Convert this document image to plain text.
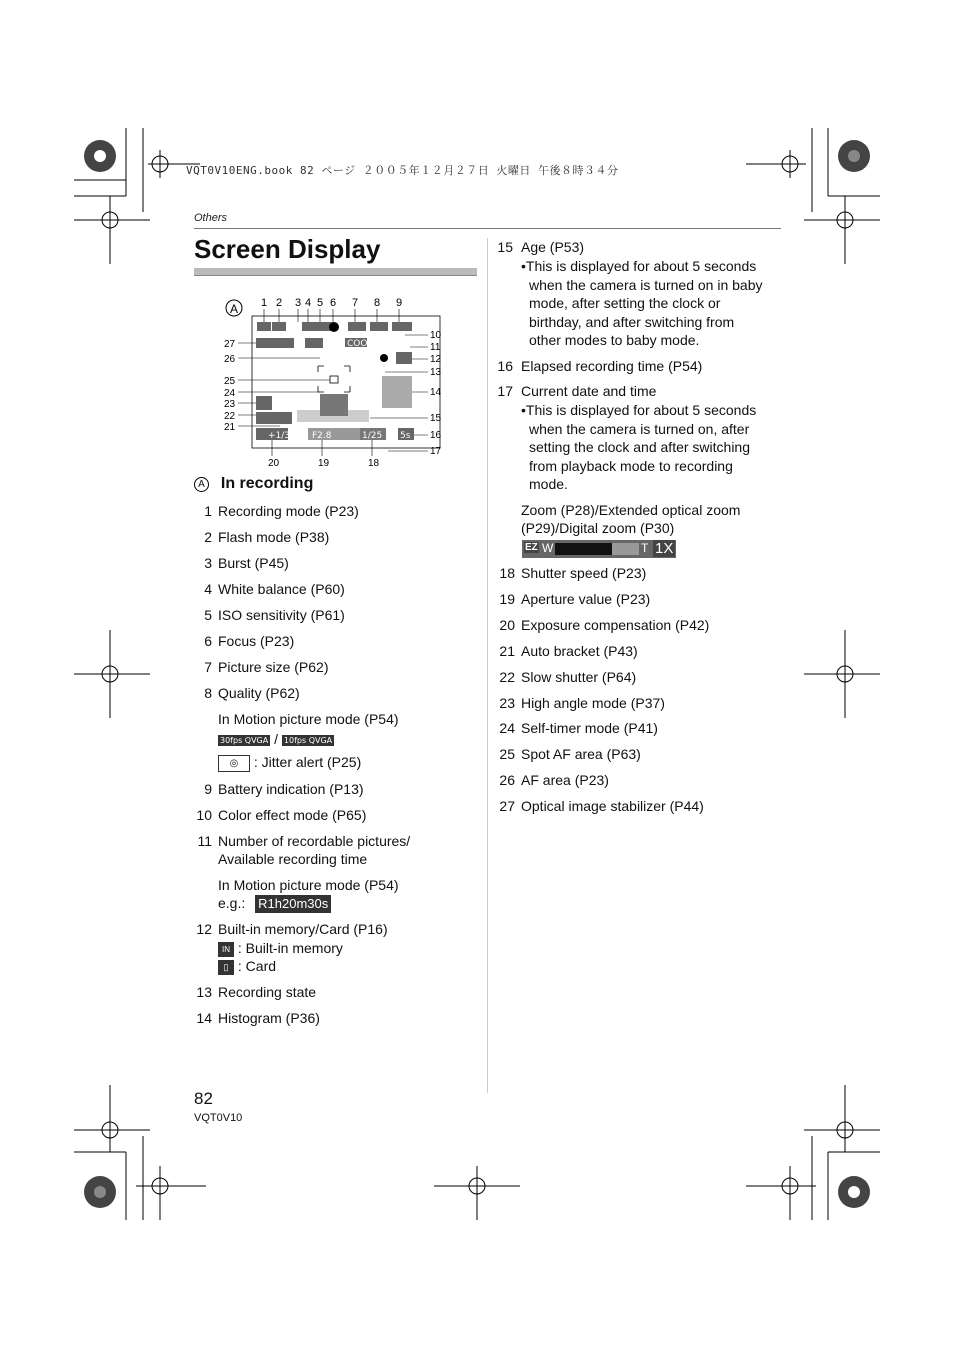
VQT0V10ENG.book 82 ページ ２００５年１２月２７日 火曜日 午後８時３４分
Others
Screen Display
A 1 2 3 4 5 6 7 8 9
10
11
12
13
14
15
16
17
27
26
25
24
23
22
21
20	19	18
COOL	3
+1/3 F2.8	1/25 5s
A In recording
1 Recording mode (P23)
2 Flash mode (P38)
3 Burst (P45)
4 White balance (P60)
5 ISO sensitivity (P61)
6 Focus (P23)
7 Picture size (P62)
8 Quality (P62)
In Motion picture mode (P54)
30fps QVGA / 10fps QVGA
◎ : Jitter alert (P25)
9 Battery indication (P13)
10 Color effect mode (P65)
11 Number of recordable pictures/
Available recording time
In Motion picture mode (P54)
e.g.: R1h20m30s
12 Built-in memory/Card (P16)
IN : Built-in memory
▯ : Card
13 Recording state
14 Histogram (P36)
15 Age (P53)
•This is displayed for about 5 seconds
when the camera is turned on in baby
mode, after setting the clock or
birthday, and after switching from
other modes to baby mode.
16 Elapsed recording time (P54)
17 Current date and time
•This is displayed for about 5 seconds
when the camera is turned on, after
setting the clock and after switching
from playback mode to recording
mode.
Zoom (P28)/Extended optical zoom
(P29)/Digital zoom (P30)
EZ W	T 1X
18 Shutter speed (P23)
19 Aperture value (P23)
20 Exposure compensation (P42)
21 Auto bracket (P43)
22 Slow shutter (P64)
23 High angle mode (P37)
24 Self-timer mode (P41)
25 Spot AF area (P63)
26 AF area (P23)
27 Optical image stabilizer (P44)
82
VQT0V10
